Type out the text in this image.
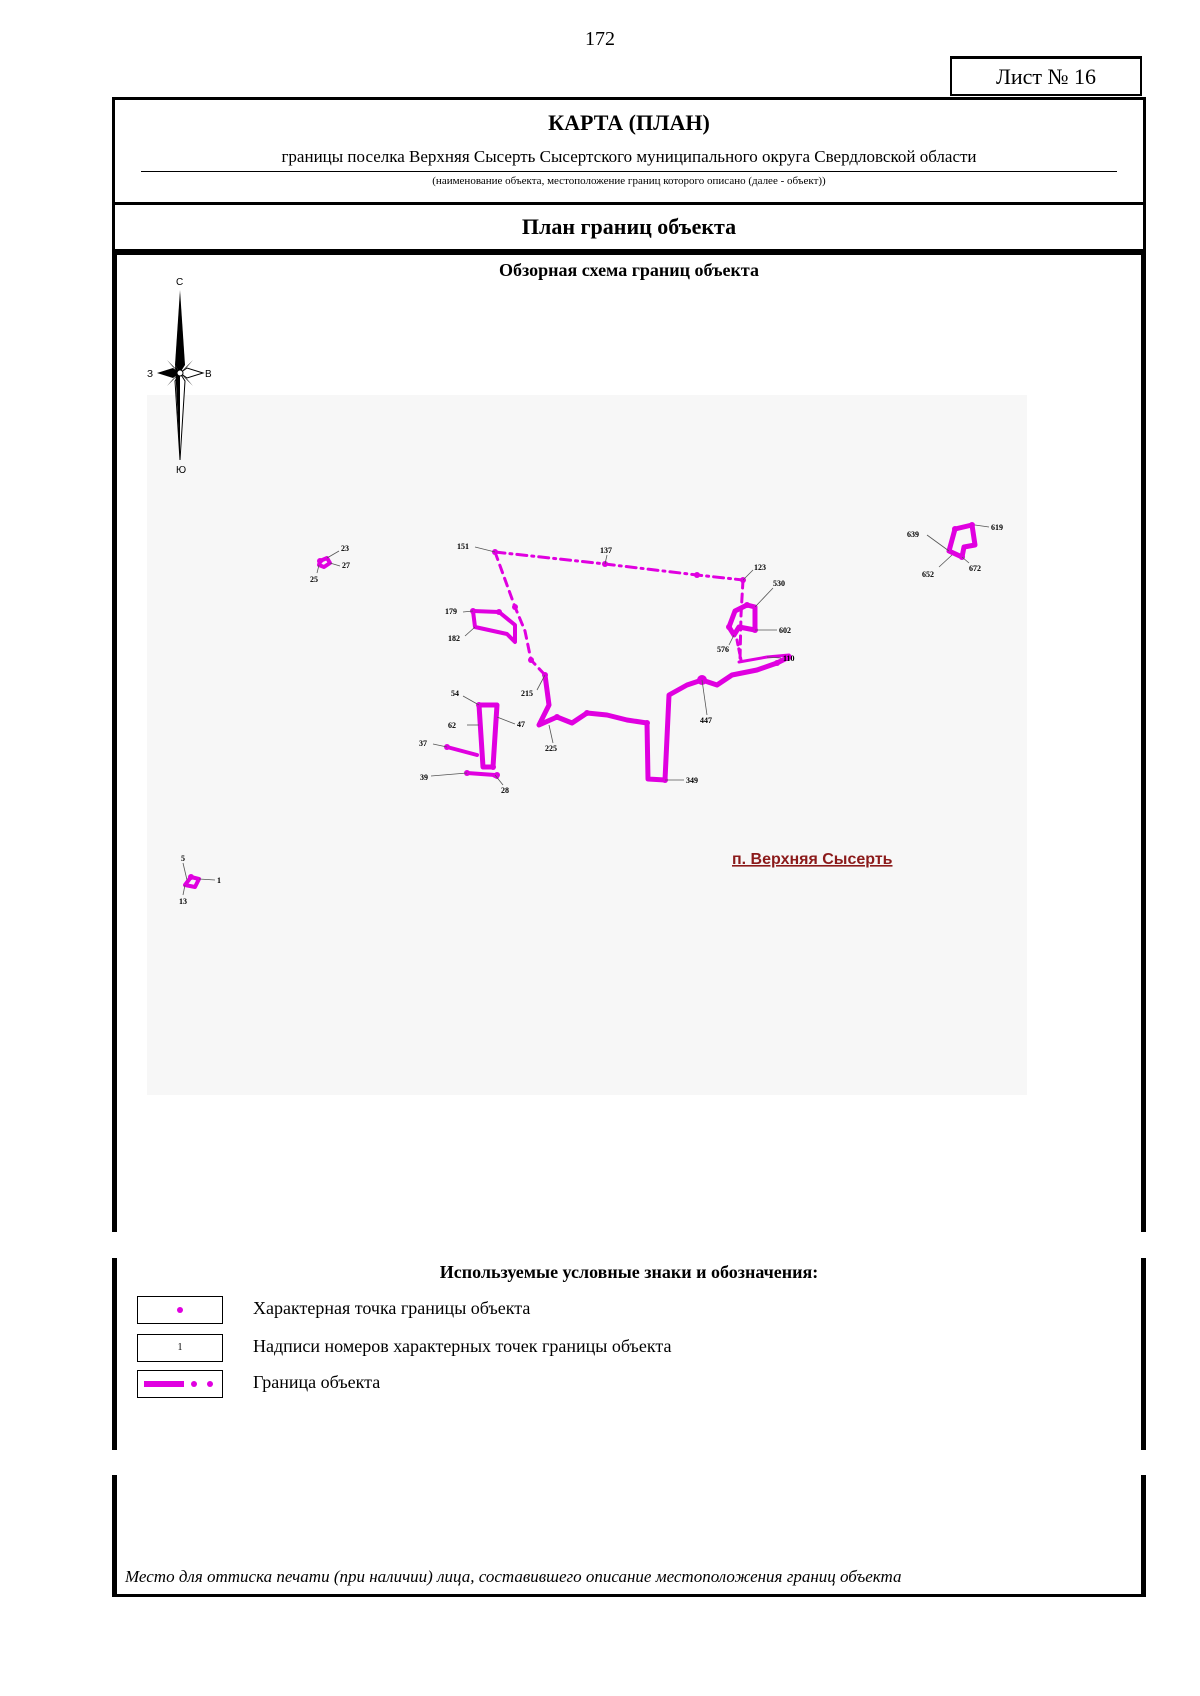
172
Лист № 16
КАРТА (ПЛАН)
границы поселка Верхняя Сысерть Сысертского муниципального округа Свердловской области
(наименование объекта, местоположение границ которого описано (далее - объект))
План границ объекта
Обзорная схема границ объекта
С
Ю
З	В
23
27
25
151	137
123
179
182
530
602
576
110
54
62	47
215
225
447
37
39
28
349
639
619
652
672
5
1
13
п. Верхняя Сысерть
Используемые условные знаки и обозначения:
Характерная точка границы объекта
1	Надписи номеров характерных точек границы объекта
Граница объекта
Место для оттиска печати (при наличии) лица, составившего описание местоположения границ объекта
